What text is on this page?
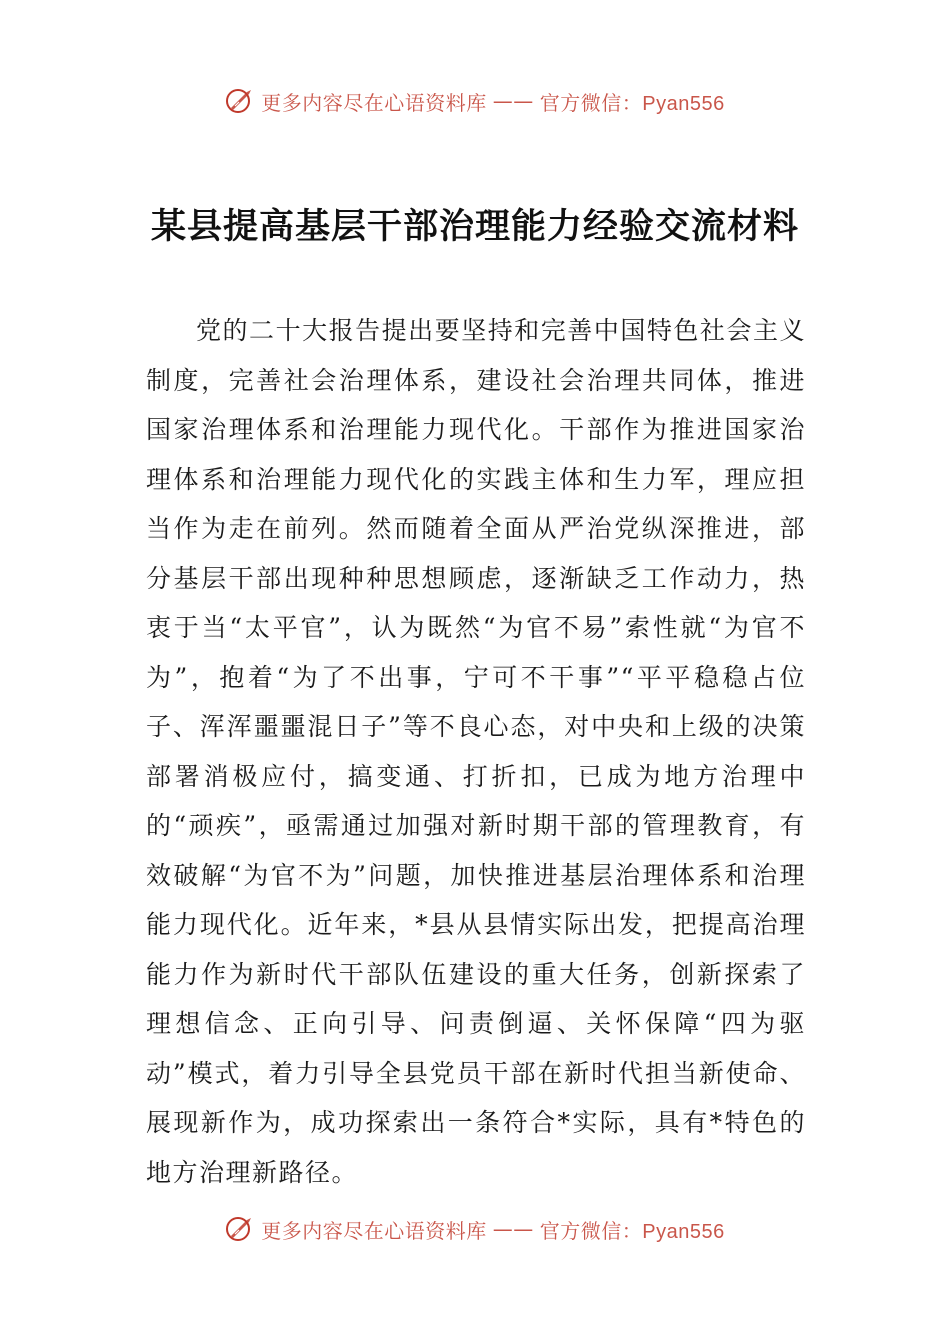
更多内容尽在心语资料库 —— 官方微信：Pyan556
某县提高基层干部治理能力经验交流材料

党的二十大报告提出要坚持和完善中国特色社会主义制度，完善社会治理体系，建设社会治理共同体，推进国家治理体系和治理能力现代化。干部作为推进国家治理体系和治理能力现代化的实践主体和生力军，理应担当作为走在前列。然而随着全面从严治党纵深推进，部分基层干部出现种种思想顾虑，逐渐缺乏工作动力，热衷于当“太平官”，认为既然“为官不易”索性就“为官不为”，抱着“为了不出事，宁可不干事”“平平稳稳占位子、浑浑噩噩混日子”等不良心态，对中央和上级的决策部署消极应付，搞变通、打折扣，已成为地方治理中的“顽疾”，亟需通过加强对新时期干部的管理教育，有效破解“为官不为”问题，加快推进基层治理体系和治理能力现代化。近年来，*县从县情实际出发，把提高治理能力作为新时代干部队伍建设的重大任务，创新探索了理想信念、正向引导、问责倒逼、关怀保障“四为驱动”模式，着力引导全县党员干部在新时代担当新使命、展现新作为，成功探索出一条符合*实际，具有*特色的地方治理新路径。

更多内容尽在心语资料库 —— 官方微信：Pyan556
